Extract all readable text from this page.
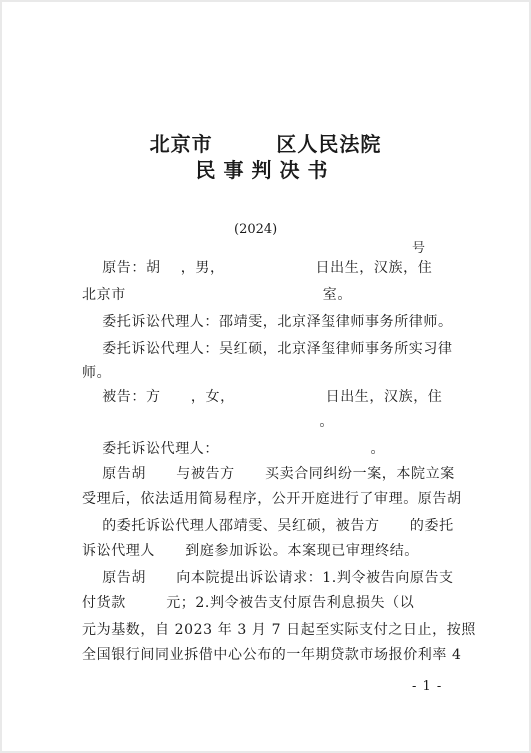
北京市        区人民法院
民事判决书

(2024)

号

原告：胡    ，男，                  日出生，汉族，住
北京市                                       室。
委托诉讼代理人：邵靖雯，北京泽玺律师事务所律师。
委托诉讼代理人：吴红硕，北京泽玺律师事务所实习律
师。
被告：方      ，女，                  日出生，汉族，住
。
委托诉讼代理人：                              。
原告胡      与被告方      买卖合同纠纷一案，本院立案
受理后，依法适用简易程序，公开开庭进行了审理。原告胡
的委托诉讼代理人邵靖雯、吴红硕，被告方      的委托
诉讼代理人      到庭参加诉讼。本案现已审理终结。
原告胡      向本院提出诉讼请求：1.判令被告向原告支
付货款        元；2.判令被告支付原告利息损失（以
元为基数，自 2023 年 3 月 7 日起至实际支付之日止，按照
全国银行间同业拆借中心公布的一年期贷款市场报价利率 4
- 1 -
